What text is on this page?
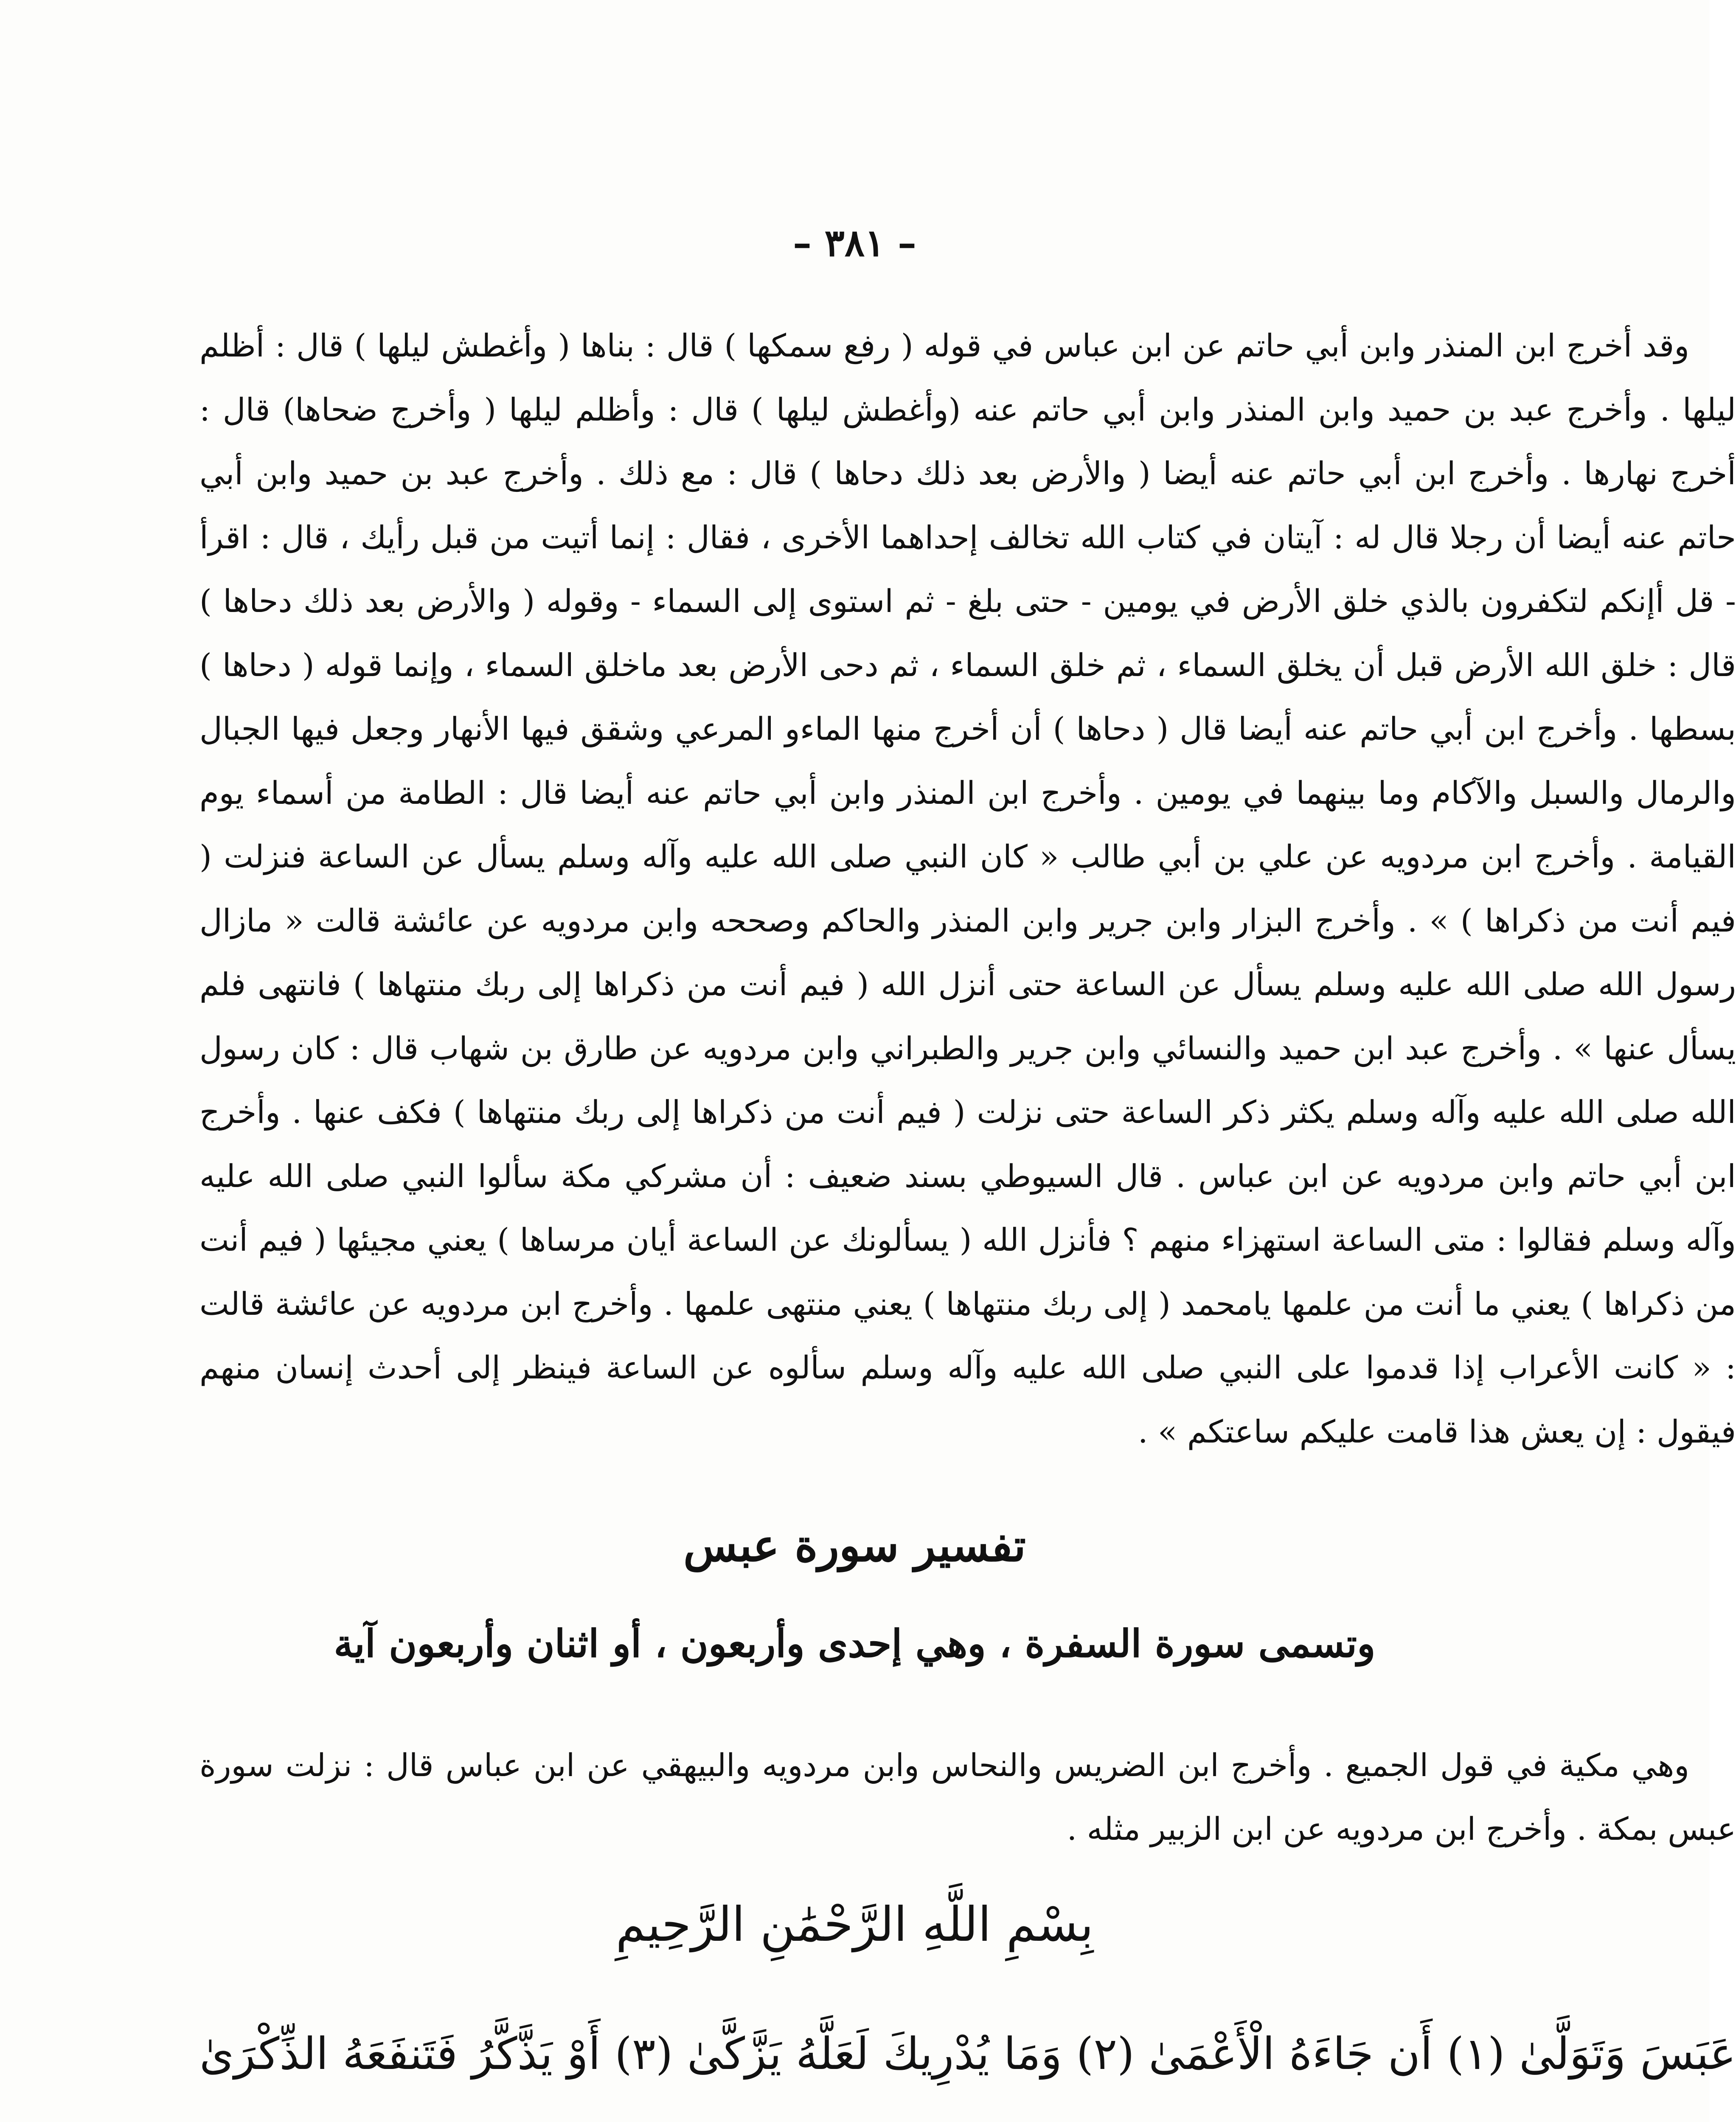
– ٣٨١ –

وقد أخرج ابن المنذر وابن أبي حاتم عن ابن عباس في قوله ( رفع سمكها ) قال : بناها ( وأغطش ليلها ) قال : أظلم ليلها . وأخرج عبد بن حميد وابن المنذر وابن أبي حاتم عنه (وأغطش ليلها ) قال : وأظلم ليلها ( وأخرج ضحاها) قال : أخرج نهارها . وأخرج ابن أبي حاتم عنه أيضا ( والأرض بعد ذلك دحاها ) قال : مع ذلك . وأخرج عبد بن حميد وابن أبي حاتم عنه أيضا أن رجلا قال له : آيتان في كتاب الله تخالف إحداهما الأخرى ، فقال : إنما أتيت من قبل رأيك ، قال : اقرأ - قل أإنكم لتكفرون بالذي خلق الأرض في يومين - حتى بلغ - ثم استوى إلى السماء - وقوله ( والأرض بعد ذلك دحاها ) قال : خلق الله الأرض قبل أن يخلق السماء ، ثم خلق السماء ، ثم دحى الأرض بعد ماخلق السماء ، وإنما قوله ( دحاها ) بسطها . وأخرج ابن أبي حاتم عنه أيضا قال ( دحاها ) أن أخرج منها الماءو المرعي وشقق فيها الأنهار وجعل فيها الجبال والرمال والسبل والآكام وما بينهما في يومين . وأخرج ابن المنذر وابن أبي حاتم عنه أيضا قال : الطامة من أسماء يوم القيامة . وأخرج ابن مردويه عن علي بن أبي طالب « كان النبي صلى الله عليه وآله وسلم يسأل عن الساعة فنزلت ( فيم أنت من ذكراها ) » . وأخرج البزار وابن جرير وابن المنذر والحاكم وصححه وابن مردويه عن عائشة قالت « مازال رسول الله صلى الله عليه وسلم يسأل عن الساعة حتى أنزل الله ( فيم أنت من ذكراها إلى ربك منتهاها ) فانتهى فلم يسأل عنها » . وأخرج عبد ابن حميد والنسائي وابن جرير والطبراني وابن مردويه عن طارق بن شهاب قال : كان رسول الله صلى الله عليه وآله وسلم يكثر ذكر الساعة حتى نزلت ( فيم أنت من ذكراها إلى ربك منتهاها ) فكف عنها . وأخرج ابن أبي حاتم وابن مردويه عن ابن عباس . قال السيوطي بسند ضعيف : أن مشركي مكة سألوا النبي صلى الله عليه وآله وسلم فقالوا : متى الساعة استهزاء منهم ؟ فأنزل الله ( يسألونك عن الساعة أيان مرساها ) يعني مجيئها ( فيم أنت من ذكراها ) يعني ما أنت من علمها يامحمد ( إلى ربك منتهاها ) يعني منتهى علمها . وأخرج ابن مردويه عن عائشة قالت : « كانت الأعراب إذا قدموا على النبي صلى الله عليه وآله وسلم سألوه عن الساعة فينظر إلى أحدث إنسان منهم فيقول : إن يعش هذا قامت عليكم ساعتكم » .

تفسير سورة عبس
وتسمى سورة السفرة ، وهي إحدى وأربعون ، أو اثنان وأربعون آية

وهي مكية في قول الجميع . وأخرج ابن الضريس والنحاس وابن مردويه والبيهقي عن ابن عباس قال : نزلت سورة عبس بمكة . وأخرج ابن مردويه عن ابن الزبير مثله .

بِسْمِ اللَّهِ الرَّحْمَٰنِ الرَّحِيمِ

عَبَسَ وَتَوَلَّىٰ (١) أَن جَاءَهُ الْأَعْمَىٰ (٢) وَمَا يُدْرِيكَ لَعَلَّهُ يَزَّكَّىٰ (٣) أَوْ يَذَّكَّرُ فَتَنفَعَهُ الذِّكْرَىٰ
